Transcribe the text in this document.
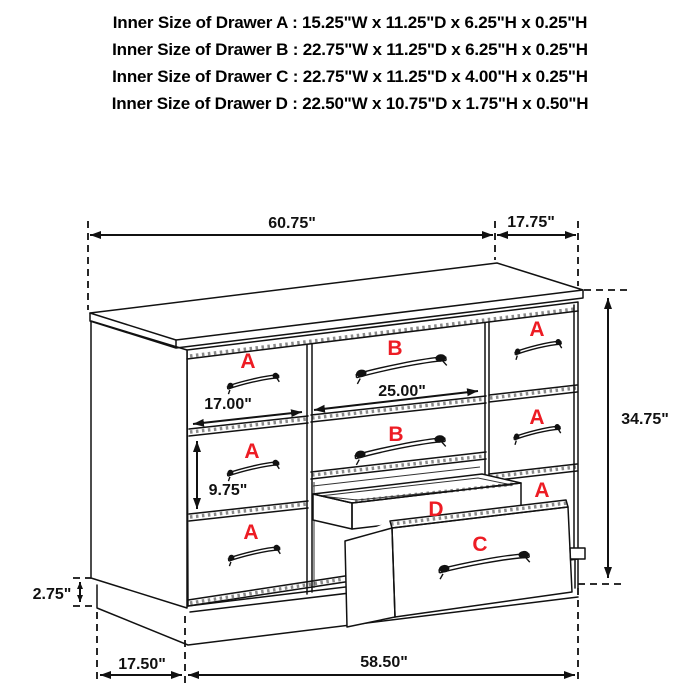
Inner Size of Drawer A : 15.25"W x 11.25"D x 6.25"H x 0.25"H
Inner Size of Drawer B : 22.75"W x 11.25"D x 6.25"H x 0.25"H
Inner Size of Drawer C : 22.75"W x 11.25"D x 4.00"H x 0.25"H
Inner Size of Drawer D : 22.50"W x 10.75"D x 1.75"H x 0.50"H
A
A
A
A
A
A
B
B
C
D
60.75"	17.75"
17.00"
25.00"
9.75"
34.75"
2.75"
17.50"	58.50"
